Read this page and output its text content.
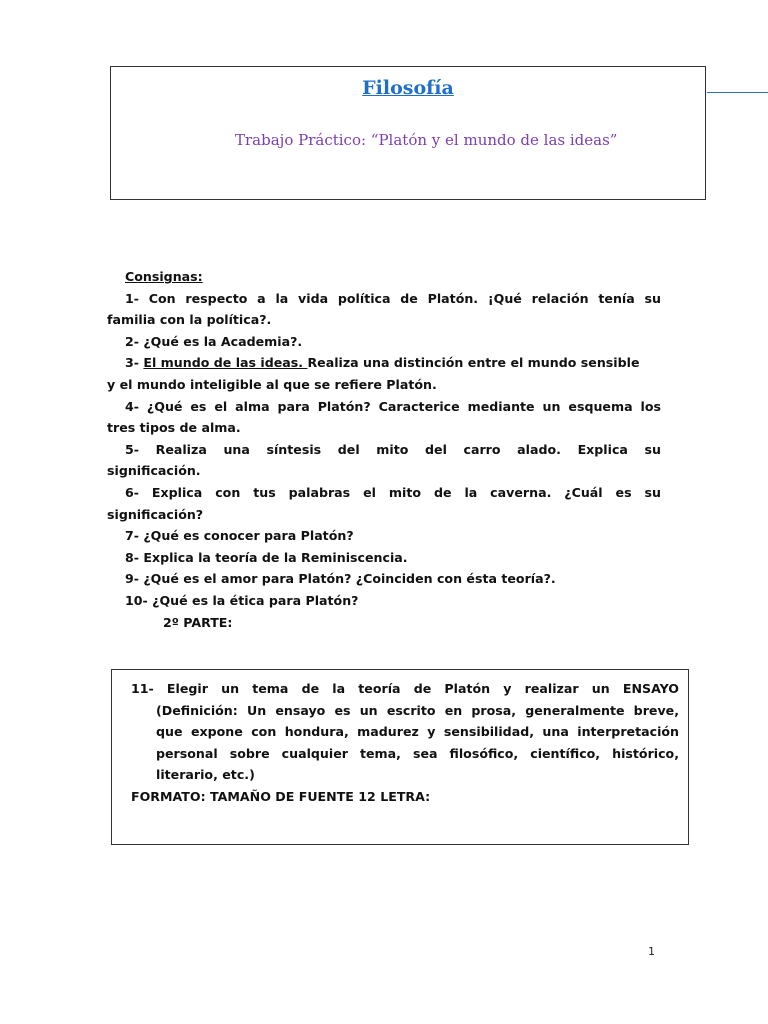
Filosofía
Trabajo Práctico: “Platón y el mundo de las ideas”
Consignas:
1- Con respecto a la vida política de Platón. ¡Qué relación tenía su
familia con la política?.
2- ¿Qué es la Academia?.
3- El mundo de las ideas. Realiza una distinción entre el mundo sensible
y el mundo inteligible al que se refiere Platón.
4- ¿Qué es el alma para Platón? Caracterice mediante un esquema los
tres tipos de alma.
5- Realiza una síntesis del mito del carro alado. Explica su
significación.
6- Explica con tus palabras el mito de la caverna. ¿Cuál es su
significación?
7- ¿Qué es conocer para Platón?
8- Explica la teoría de la Reminiscencia.
9- ¿Qué es el amor para Platón? ¿Coinciden con ésta teoría?.
10- ¿Qué es la ética para Platón?
2º PARTE:
11- Elegir un tema de la teoría de Platón y realizar un ENSAYO
(Definición: Un ensayo es un escrito en prosa, generalmente breve,
que expone con hondura, madurez y sensibilidad, una interpretación
personal sobre cualquier tema, sea filosófico, científico, histórico,
literario, etc.)
FORMATO: TAMAÑO DE FUENTE 12 LETRA:
1
